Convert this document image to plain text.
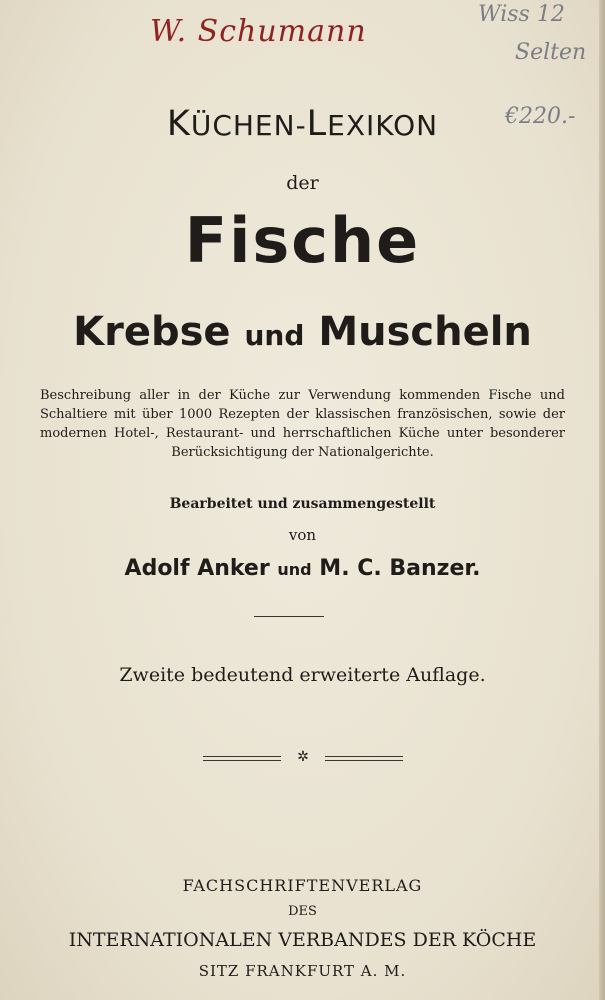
W. Schumann	Wiss 12
Selten
€220.-
KÜCHEN-LEXIKON
der
Fische
Krebse und Muscheln
Beschreibung aller in der Küche zur Verwendung kommenden Fische und Schaltiere mit über 1000 Rezepten der klassischen französischen, sowie der modernen Hotel-, Restaurant- und herrschaftlichen Küche unter besonderer Berücksichtigung der Nationalgerichte.
Bearbeitet und zusammengestellt
von
Adolf Anker und M. C. Banzer.
Zweite bedeutend erweiterte Auflage.
✲
FACHSCHRIFTENVERLAG
DES
INTERNATIONALEN VERBANDES DER KÖCHE
SITZ FRANKFURT A. M.
